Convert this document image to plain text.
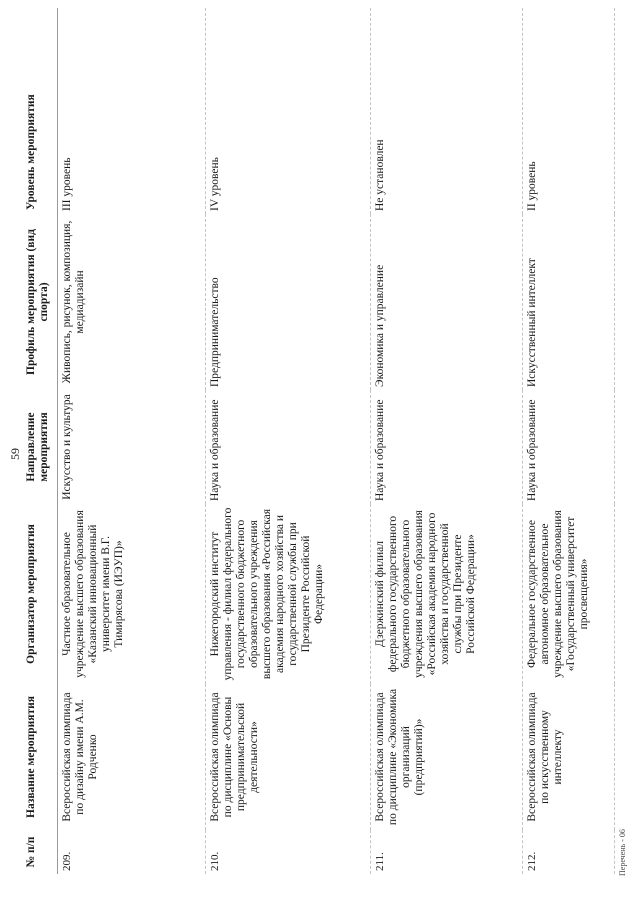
59
№ п/п	Название мероприятия	Организатор мероприятия	Направление мероприятия	Профиль мероприятия (вид спорта)	Уровень мероприятия
209.	Всероссийская олимпиада по дизайну имени А.М. Родченко	Частное образовательное учреждение высшего образования «Казанский инновационный университет имени В.Г. Тимирясова (ИЭУП)»	Искусство и культура	Живопись, рисунок, композиция, медиадизайн	III уровень
210.	Всероссийская олимпиада по дисциплине «Основы предпринимательской деятельности»	Нижегородский институт управления - филиал федерального государственного бюджетного образовательного учреждения высшего образования «Российская академия народного хозяйства и государственной службы при Президенте Российской Федерации»	Наука и образование	Предпринимательство	IV уровень
211.	Всероссийская олимпиада по дисциплине «Экономика организаций (предприятий)»	Дзержинский филиал федерального государственного бюджетного образовательного учреждения высшего образования «Российская академия народного хозяйства и государственной службы при Президенте Российской Федерации»	Наука и образование	Экономика и управление	Не установлен
212.	Всероссийская олимпиада по искусственному интеллекту	Федеральное государственное автономное образовательное учреждение высшего образования «Государственный университет просвещения»	Наука и образование	Искусственный интеллект	II уровень
Перечень - 06
